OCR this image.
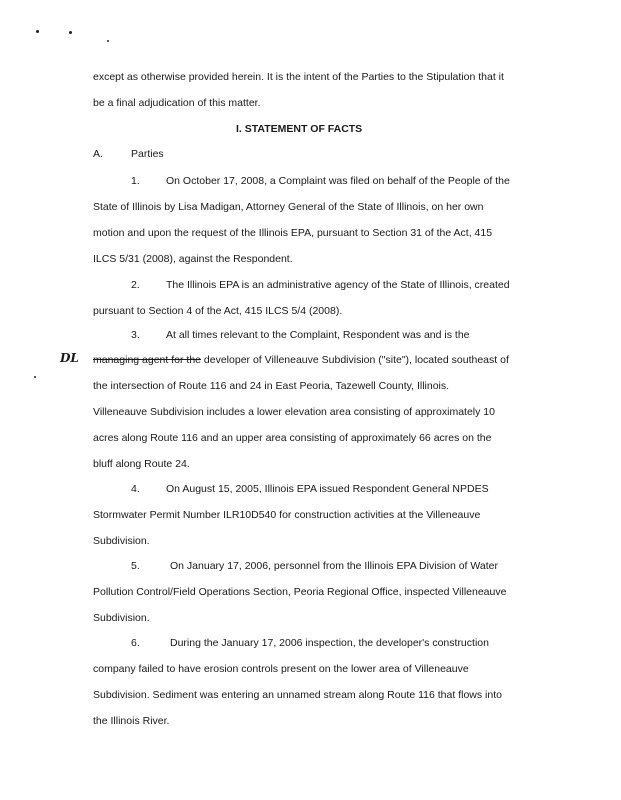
except as otherwise provided herein. It is the intent of the Parties to the Stipulation that it
be a final adjudication of this matter.
I. STATEMENT OF FACTS
A.	Parties
1. On October 17, 2008, a Complaint was filed on behalf of the People of the
State of Illinois by Lisa Madigan, Attorney General of the State of Illinois, on her own
motion and upon the request of the Illinois EPA, pursuant to Section 31 of the Act, 415
ILCS 5/31 (2008), against the Respondent.
2. The Illinois EPA is an administrative agency of the State of Illinois, created
pursuant to Section 4 of the Act, 415 ILCS 5/4 (2008).
3. At all times relevant to the Complaint, Respondent was and is the
DL managing agent for the developer of Villeneauve Subdivision ("site"), located southeast of
the intersection of Route 116 and 24 in East Peoria, Tazewell County, Illinois.
Villeneauve Subdivision includes a lower elevation area consisting of approximately 10
acres along Route 116 and an upper area consisting of approximately 66 acres on the
bluff along Route 24.
4. On August 15, 2005, Illinois EPA issued Respondent General NPDES
Stormwater Permit Number ILR10D540 for construction activities at the Villeneauve
Subdivision.
5.	On January 17, 2006, personnel from the Illinois EPA Division of Water
Pollution Control/Field Operations Section, Peoria Regional Office, inspected Villeneauve
Subdivision.
6.	During the January 17, 2006 inspection, the developer's construction
company failed to have erosion controls present on the lower area of Villeneauve
Subdivision. Sediment was entering an unnamed stream along Route 116 that flows into
the Illinois River.
